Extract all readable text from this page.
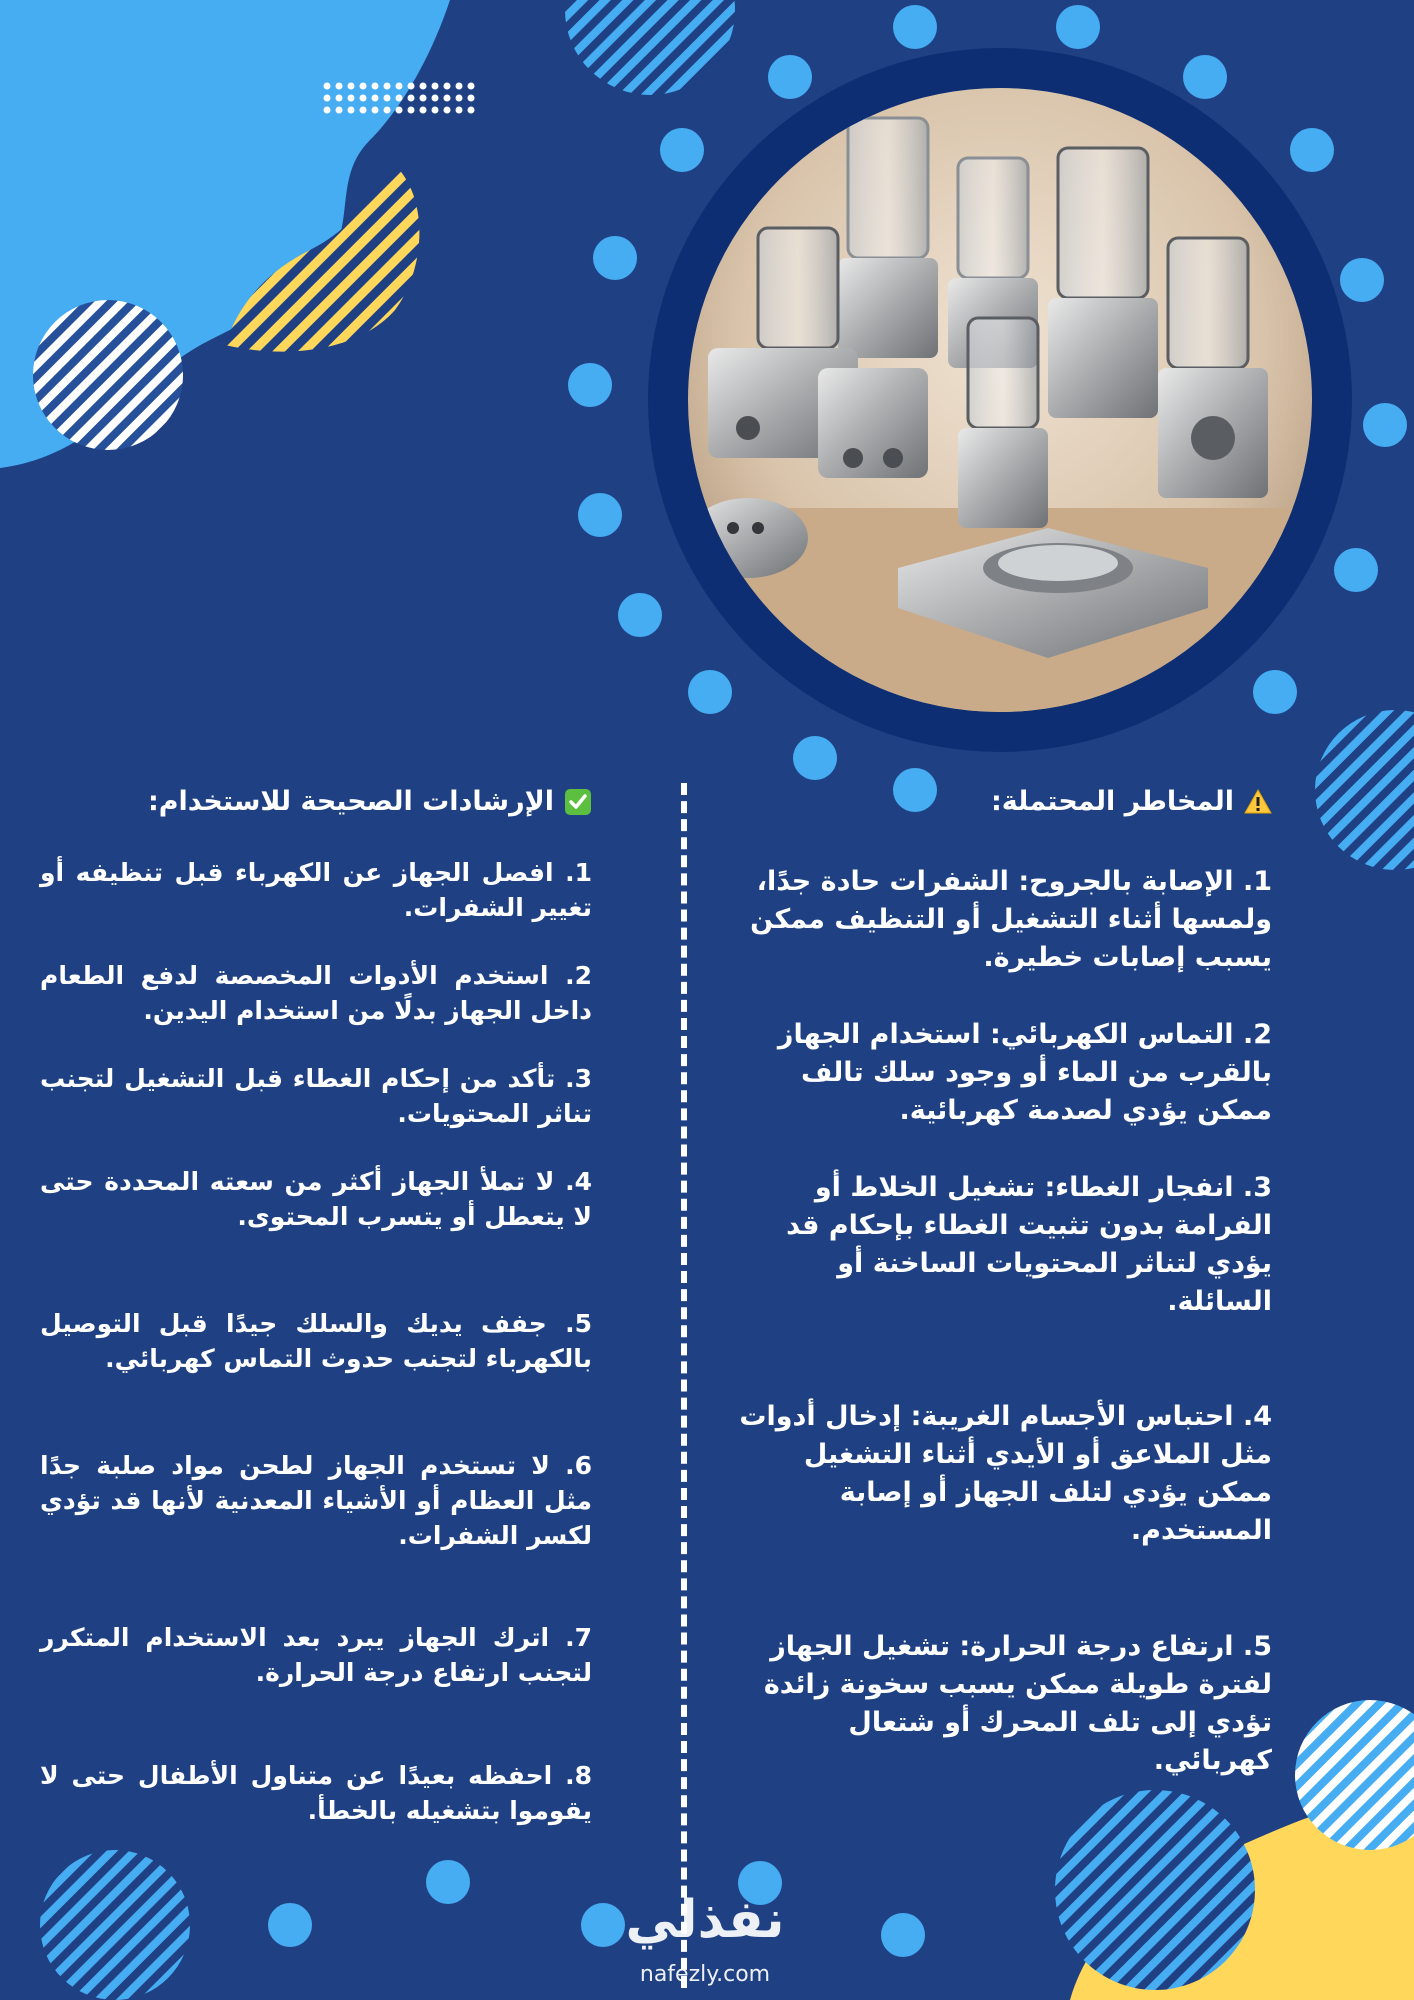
المخاطر المحتملة:
1. الإصابة بالجروح: الشفرات حادة جدًا، ولمسها أثناء التشغيل أو التنظيف ممكن يسبب إصابات خطيرة.
2. التماس الكهربائي: استخدام الجهاز بالقرب من الماء أو وجود سلك تالف ممكن يؤدي لصدمة كهربائية.
3. انفجار الغطاء: تشغيل الخلاط أو الفرامة بدون تثبيت الغطاء بإحكام قد يؤدي لتناثر المحتويات الساخنة أو السائلة.
4. احتباس الأجسام الغريبة: إدخال أدوات مثل الملاعق أو الأيدي أثناء التشغيل ممكن يؤدي لتلف الجهاز أو إصابة المستخدم.
5. ارتفاع درجة الحرارة: تشغيل الجهاز لفترة طويلة ممكن يسبب سخونة زائدة تؤدي إلى تلف المحرك أو شتعال كهربائي.
الإرشادات الصحيحة للاستخدام:
1. افصل الجهاز عن الكهرباء قبل تنظيفه أو تغيير الشفرات.
2. استخدم الأدوات المخصصة لدفع الطعام داخل الجهاز بدلًا من استخدام اليدين.
3. تأكد من إحكام الغطاء قبل التشغيل لتجنب تناثر المحتويات.
4. لا تملأ الجهاز أكثر من سعته المحددة حتى لا يتعطل أو يتسرب المحتوى.
5. جفف يديك والسلك جيدًا قبل التوصيل بالكهرباء لتجنب حدوث التماس كهربائي.
6. لا تستخدم الجهاز لطحن مواد صلبة جدًا مثل العظام أو الأشياء المعدنية لأنها قد تؤدي لكسر الشفرات.
7. اترك الجهاز يبرد بعد الاستخدام المتكرر لتجنب ارتفاع درجة الحرارة.
8. احفظه بعيدًا عن متناول الأطفال حتى لا يقوموا بتشغيله بالخطأ.
نفذلي
nafezly.com
